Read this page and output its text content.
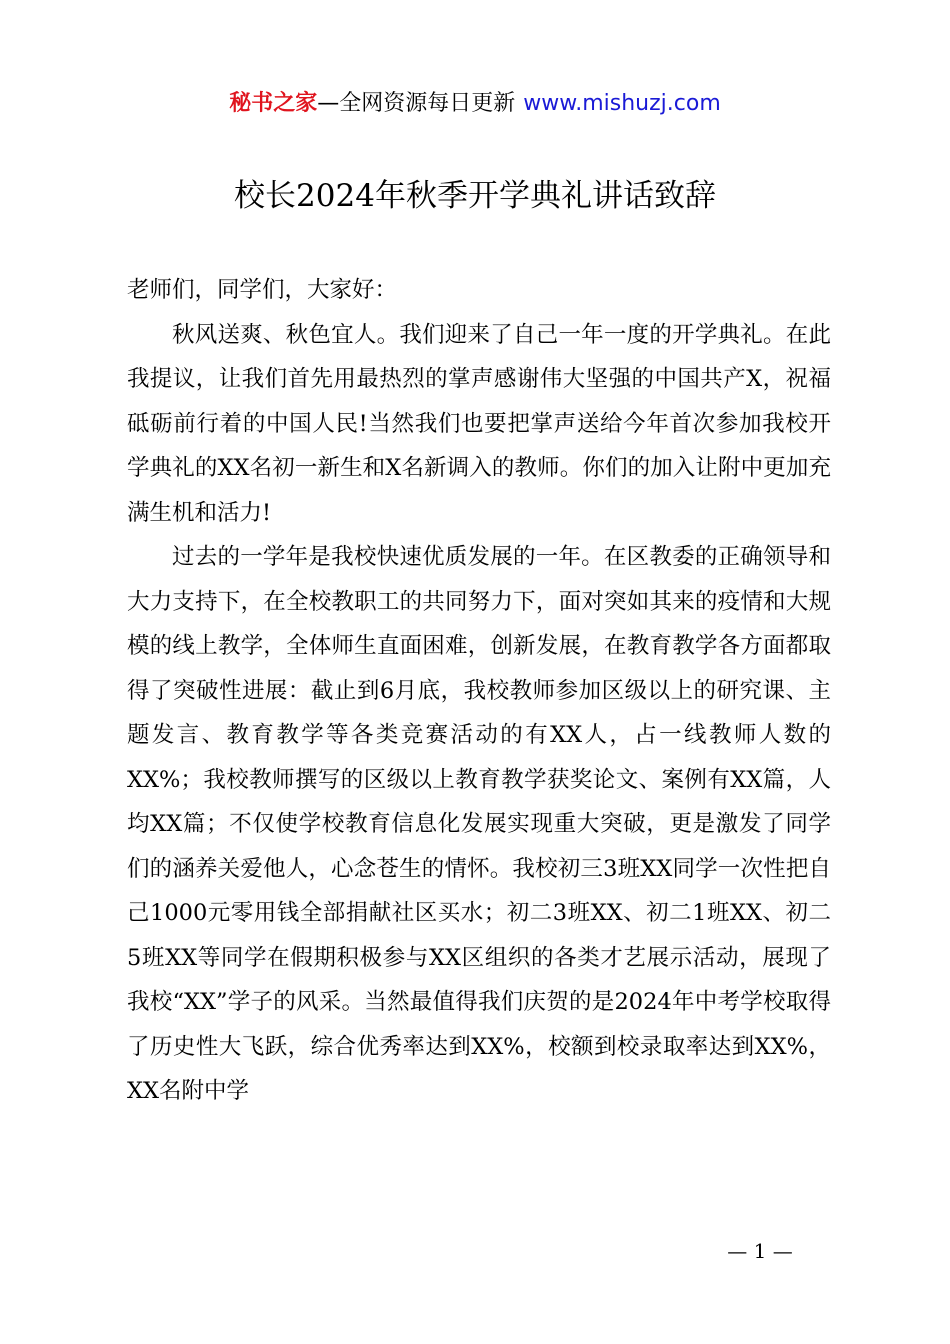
秘书之家—全网资源每日更新 www.mishuzj.com
校长2024年秋季开学典礼讲话致辞

老师们，同学们，大家好：

秋风送爽、秋色宜人。我们迎来了自己一年一度的开学典礼。在此我提议，让我们首先用最热烈的掌声感谢伟大坚强的中国共产X，祝福砥砺前行着的中国人民!当然我们也要把掌声送给今年首次参加我校开学典礼的XX名初一新生和X名新调入的教师。你们的加入让附中更加充满生机和活力!

过去的一学年是我校快速优质发展的一年。在区教委的正确领导和大力支持下，在全校教职工的共同努力下，面对突如其来的疫情和大规模的线上教学，全体师生直面困难，创新发展，在教育教学各方面都取得了突破性进展：截止到6月底，我校教师参加区级以上的研究课、主题发言、教育教学等各类竞赛活动的有XX人，占一线教师人数的XX%；我校教师撰写的区级以上教育教学获奖论文、案例有XX篇，人均XX篇；不仅使学校教育信息化发展实现重大突破，更是激发了同学们的涵养关爱他人，心念苍生的情怀。我校初三3班XX同学一次性把自己1000元零用钱全部捐献社区买水；初二3班XX、初二1班XX、初二5班XX等同学在假期积极参与XX区组织的各类才艺展示活动，展现了我校“XX”学子的风采。当然最值得我们庆贺的是2024年中考学校取得了历史性大飞跃，综合优秀率达到XX%，校额到校录取率达到XX%，XX名附中学

— 1 —
